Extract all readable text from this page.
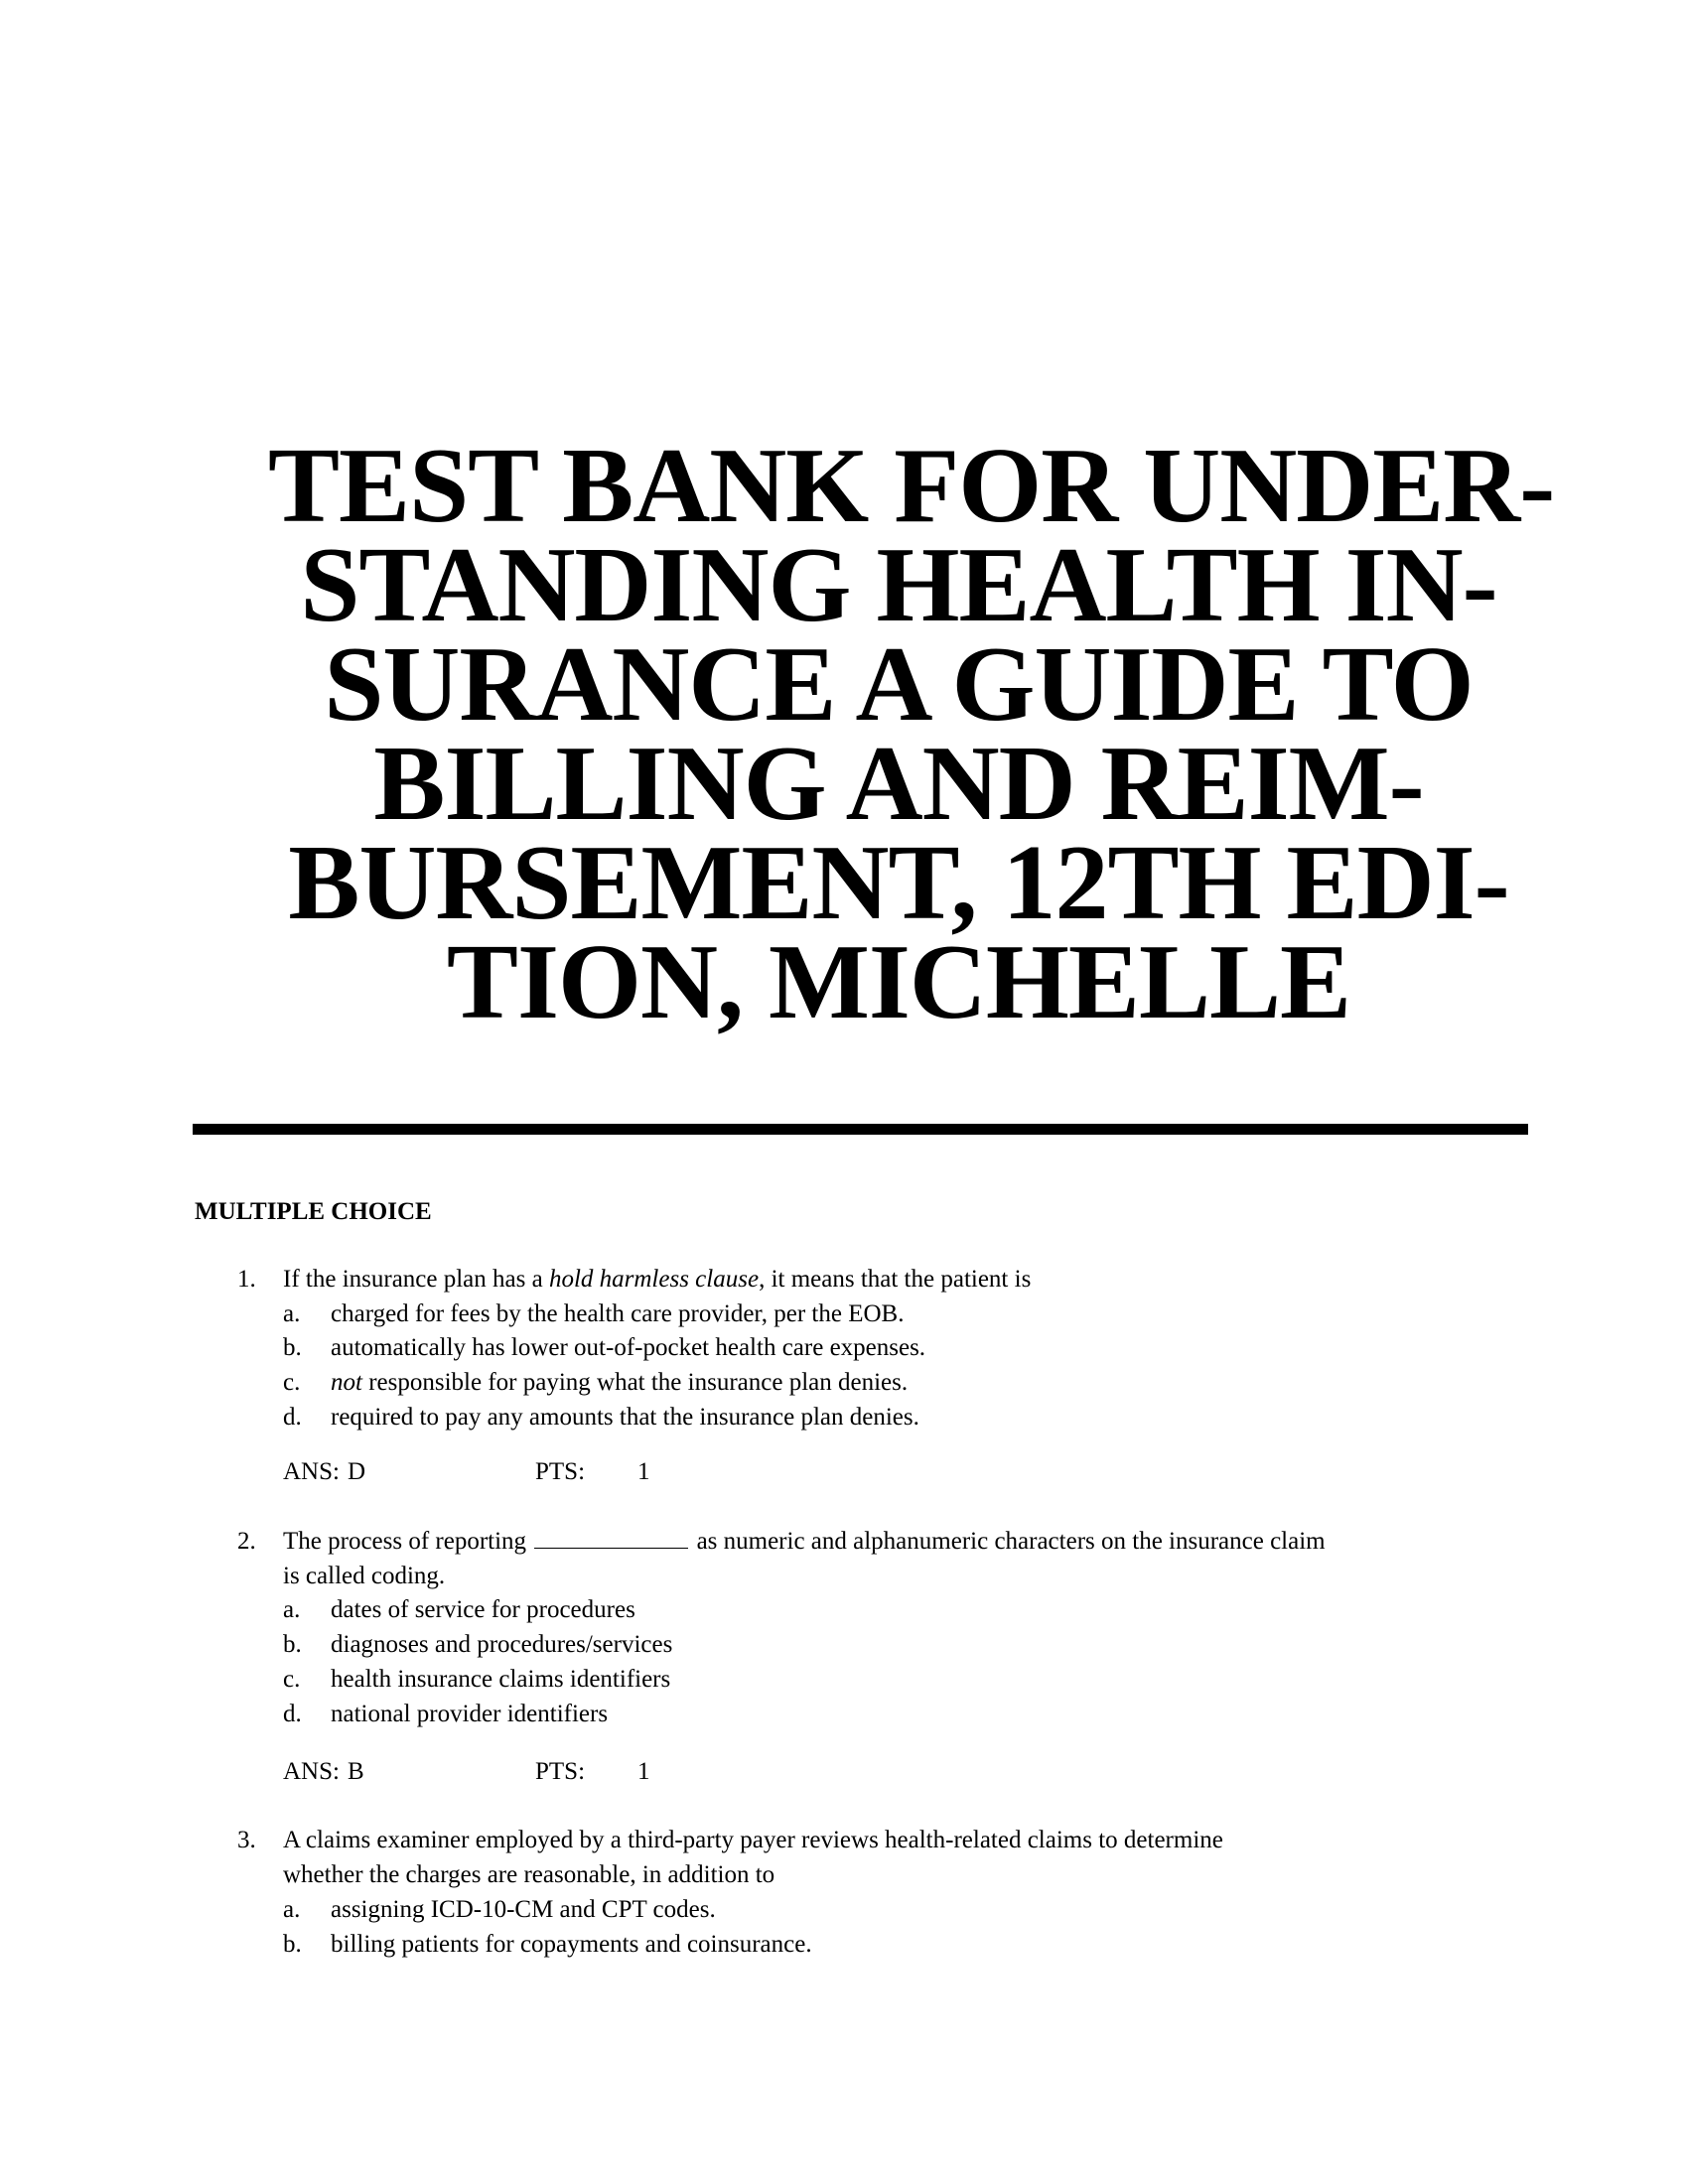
TEST BANK FOR UNDER-
STANDING HEALTH IN-
SURANCE A GUIDE TO
BILLING AND REIM-
BURSEMENT, 12TH EDI-
TION, MICHELLE
MULTIPLE CHOICE
1. If the insurance plan has a hold harmless clause, it means that the patient is
a. charged for fees by the health care provider, per the EOB.
b. automatically has lower out-of-pocket health care expenses.
c. not responsible for paying what the insurance plan denies.
d. required to pay any amounts that the insurance plan denies.
ANS: D	PTS: 1
2. The process of reporting	as numeric and alphanumeric characters on the insurance claim
is called coding.
a. dates of service for procedures
b. diagnoses and procedures/services
c. health insurance claims identifiers
d. national provider identifiers
ANS: B	PTS: 1
3. A claims examiner employed by a third-party payer reviews health-related claims to determine
whether the charges are reasonable, in addition to
a. assigning ICD-10-CM and CPT codes.
b. billing patients for copayments and coinsurance.
